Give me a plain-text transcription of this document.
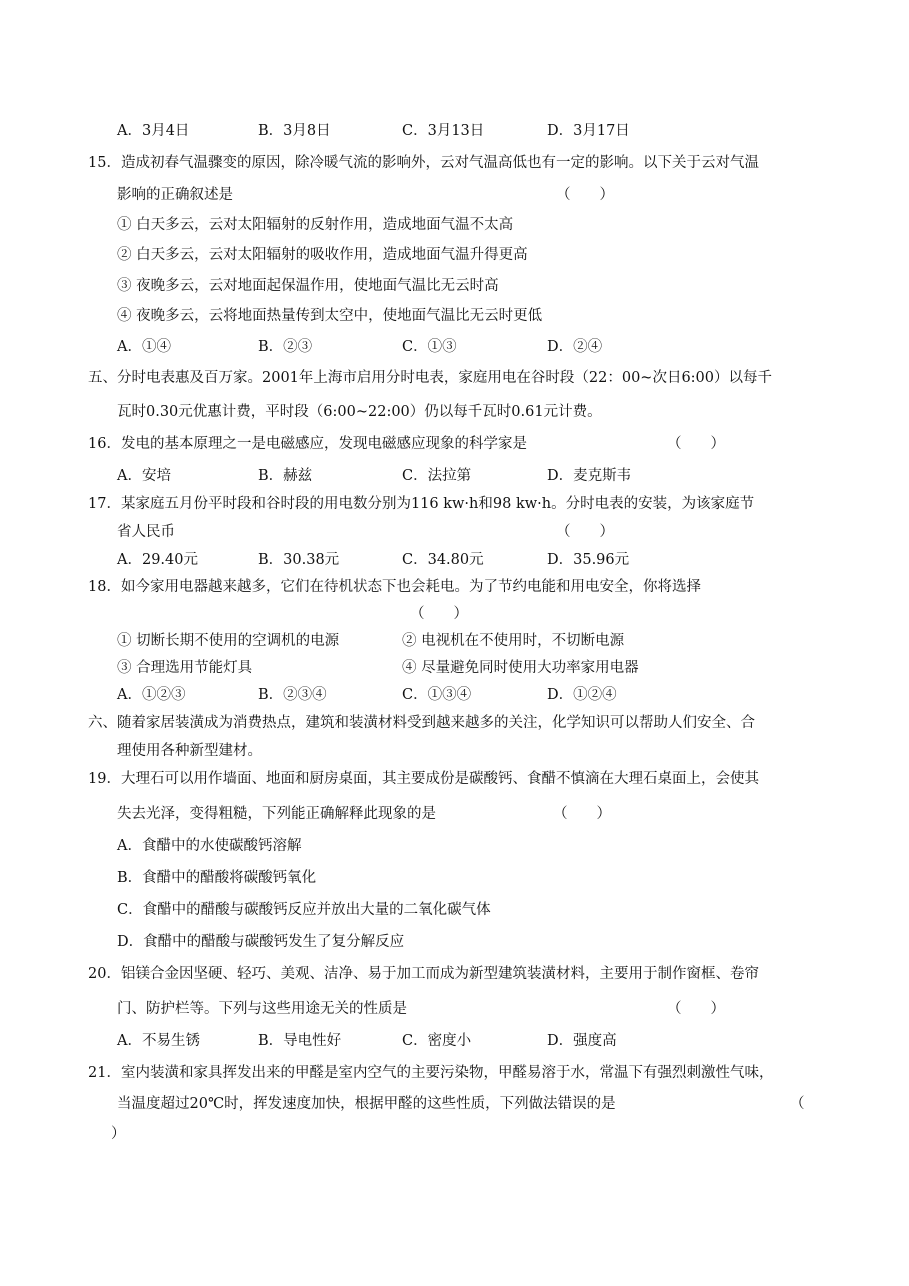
A．3月4日	B．3月8日	C．3月13日	D．3月17日
15．造成初春气温骤变的原因，除冷暖气流的影响外，云对气温高低也有一定的影响。以下关于云对气温
影响的正确叙述是	（　　）
① 白天多云，云对太阳辐射的反射作用，造成地面气温不太高
② 白天多云，云对太阳辐射的吸收作用，造成地面气温升得更高
③ 夜晚多云，云对地面起保温作用，使地面气温比无云时高
④ 夜晚多云，云将地面热量传到太空中，使地面气温比无云时更低
A．①④	B．②③	C．①③	D．②④
五、分时电表惠及百万家。2001年上海市启用分时电表，家庭用电在谷时段（22：00~次日6:00）以每千
瓦时0.30元优惠计费，平时段（6:00~22:00）仍以每千瓦时0.61元计费。
16．发电的基本原理之一是电磁感应，发现电磁感应现象的科学家是	（　　）
A．安培	B．赫兹	C．法拉第	D．麦克斯韦
17．某家庭五月份平时段和谷时段的用电数分别为116 kw·h和98 kw·h。分时电表的安装，为该家庭节
省人民币	（　　）
A．29.40元	B．30.38元	C．34.80元	D．35.96元
18．如今家用电器越来越多，它们在待机状态下也会耗电。为了节约电能和用电安全，你将选择
（　　）
① 切断长期不使用的空调机的电源	② 电视机在不使用时，不切断电源
③ 合理选用节能灯具	④ 尽量避免同时使用大功率家用电器
A．①②③	B．②③④	C．①③④	D．①②④
六、随着家居装潢成为消费热点，建筑和装潢材料受到越来越多的关注，化学知识可以帮助人们安全、合
理使用各种新型建材。
19．大理石可以用作墙面、地面和厨房桌面，其主要成份是碳酸钙、食醋不慎滴在大理石桌面上，会使其
失去光泽，变得粗糙，下列能正确解释此现象的是	（　　）
A．食醋中的水使碳酸钙溶解
B．食醋中的醋酸将碳酸钙氧化
C．食醋中的醋酸与碳酸钙反应并放出大量的二氧化碳气体
D．食醋中的醋酸与碳酸钙发生了复分解反应
20．铝镁合金因坚硬、轻巧、美观、洁净、易于加工而成为新型建筑装潢材料，主要用于制作窗框、卷帘
门、防护栏等。下列与这些用途无关的性质是	（　　）
A．不易生锈	B．导电性好	C．密度小	D．强度高
21．室内装潢和家具挥发出来的甲醛是室内空气的主要污染物，甲醛易溶于水，常温下有强烈刺激性气味，
当温度超过20℃时，挥发速度加快，根据甲醛的这些性质，下列做法错误的是	（
）
